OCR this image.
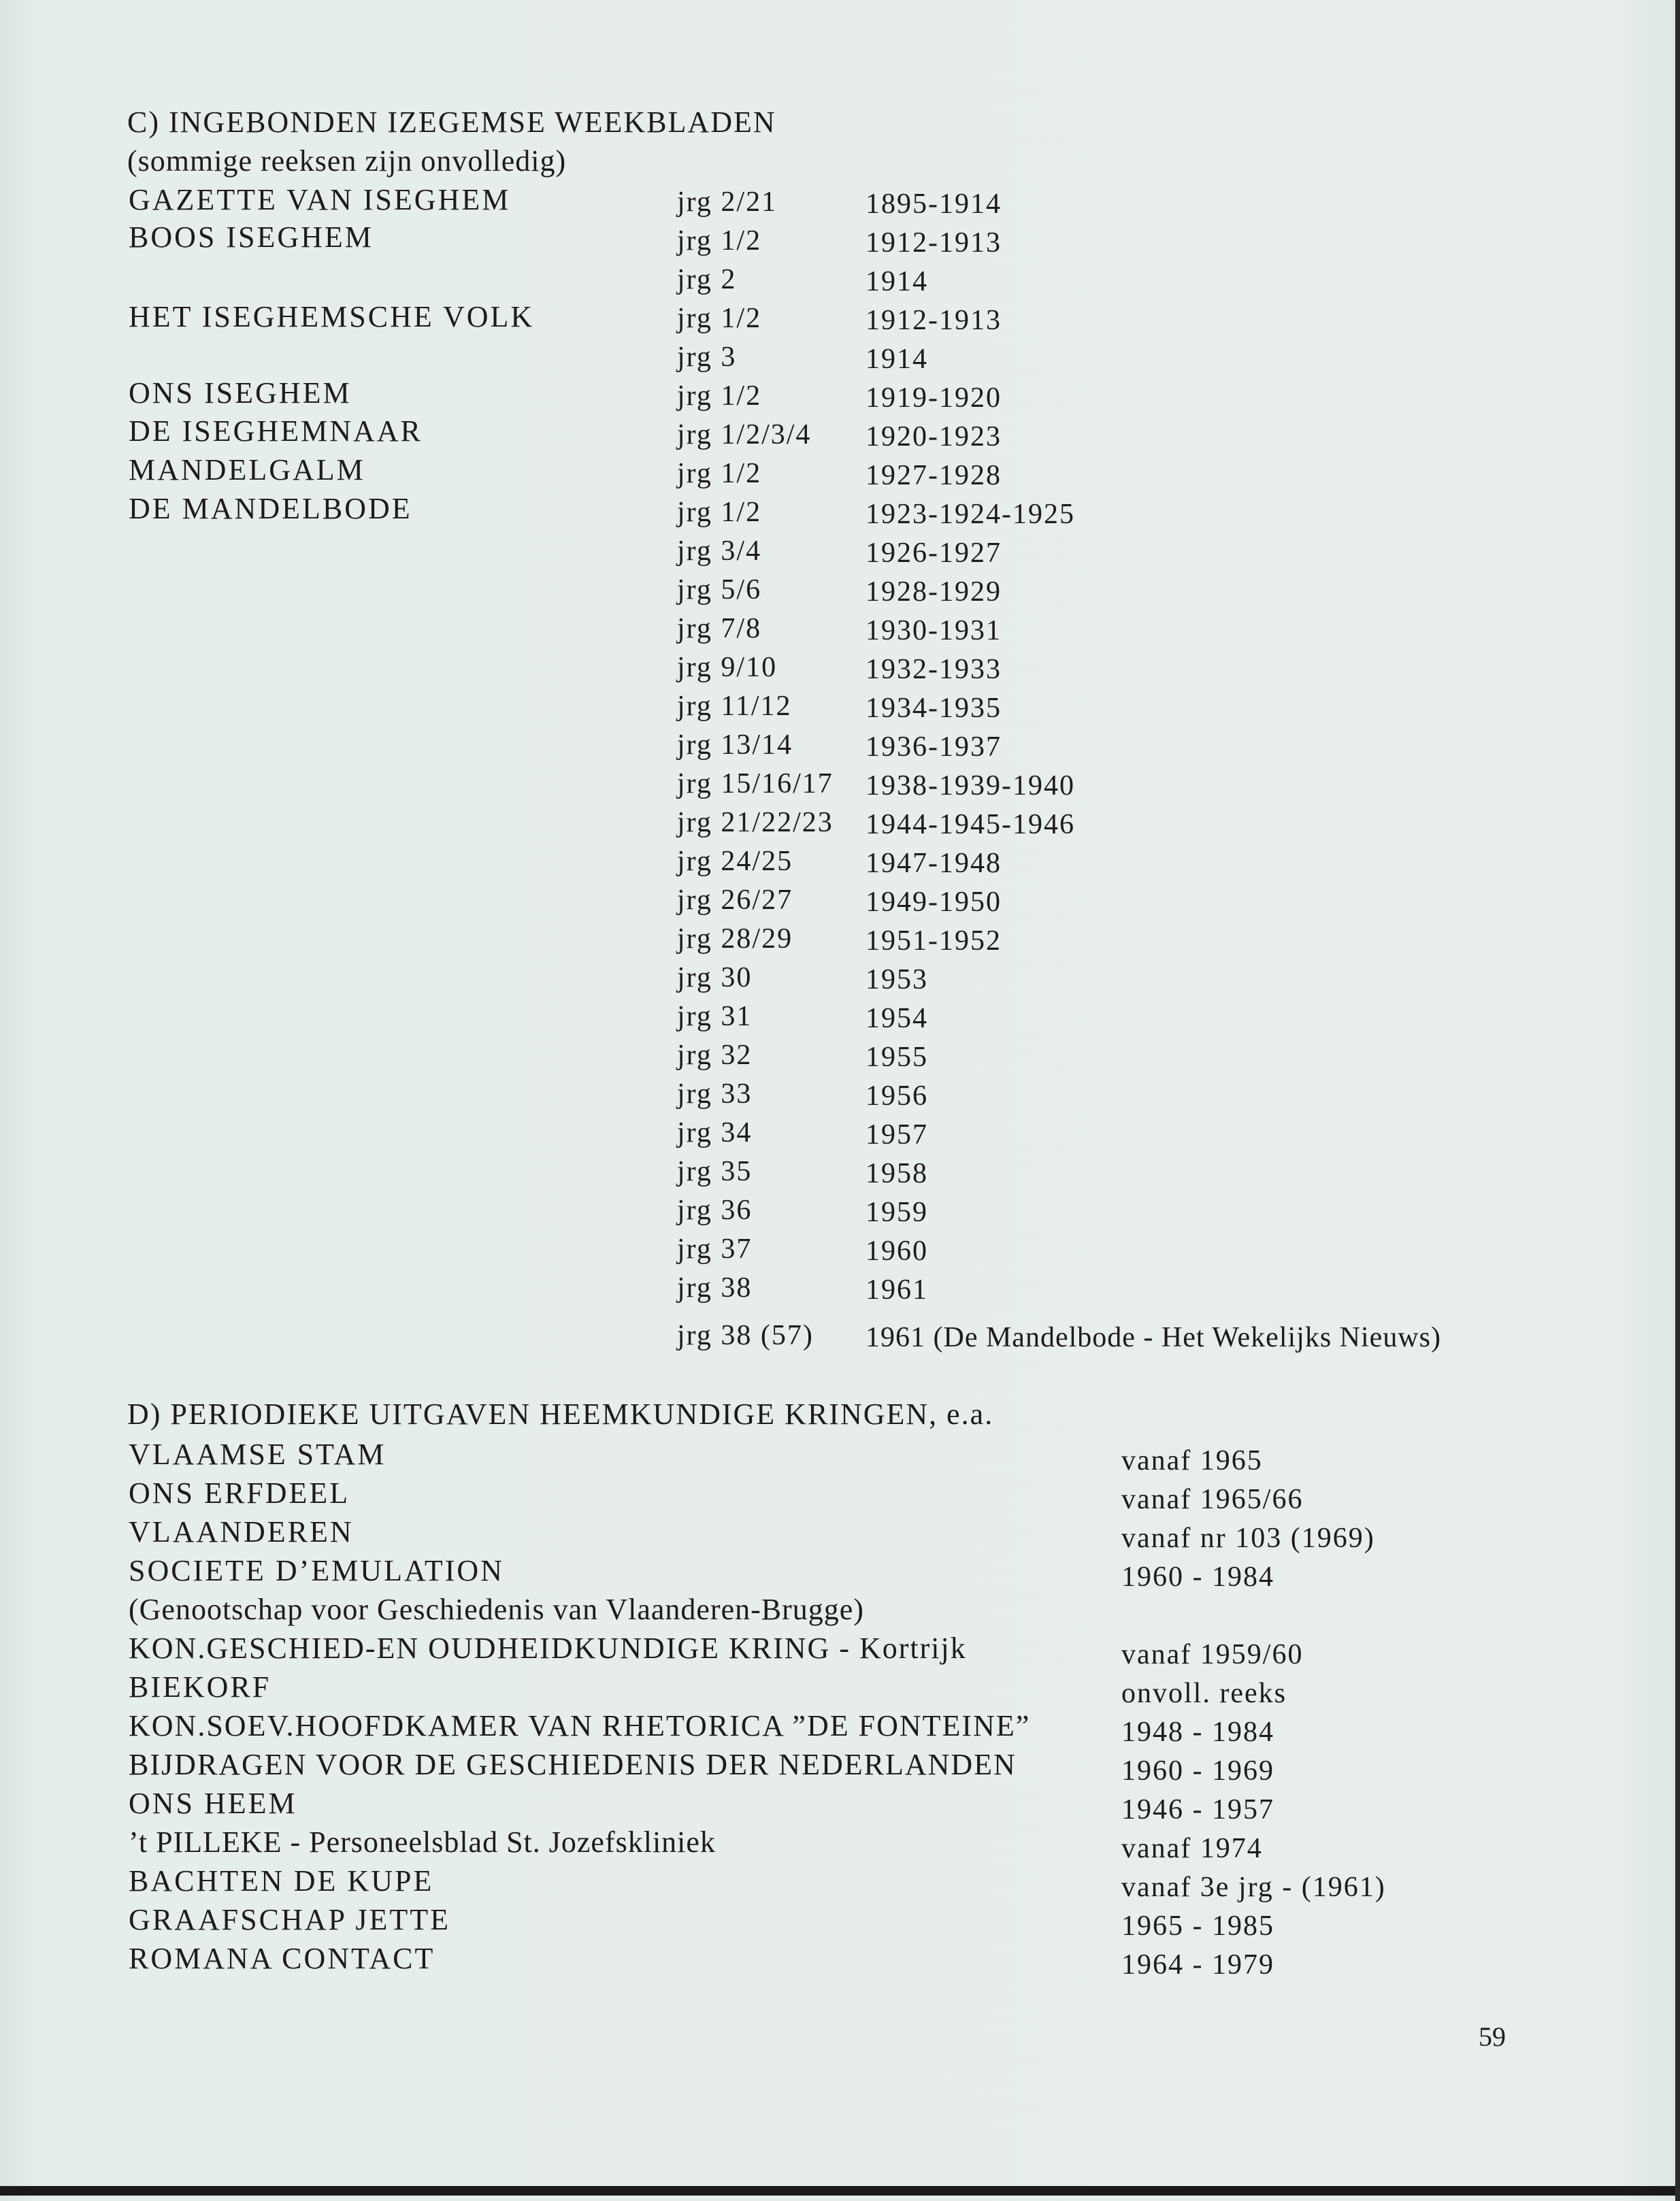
C) INGEBONDEN IZEGEMSE WEEKBLADEN
(sommige reeksen zijn onvolledig)
GAZETTE VAN ISEGHEM
BOOS ISEGHEM
HET ISEGHEMSCHE VOLK
ONS ISEGHEM
DE ISEGHEMNAAR
MANDELGALM
DE MANDELBODE
jrg 2/21
jrg 1/2
jrg 2
jrg 1/2
jrg 3
jrg 1/2
jrg 1/2/3/4
jrg 1/2
jrg 1/2
jrg 3/4
jrg 5/6
jrg 7/8
jrg 9/10
jrg 11/12
jrg 13/14
jrg 15/16/17
jrg 21/22/23
jrg 24/25
jrg 26/27
jrg 28/29
jrg 30
jrg 31
jrg 32
jrg 33
jrg 34
jrg 35
jrg 36
jrg 37
jrg 38
jrg 38 (57)
1895-1914
1912-1913
1914
1912-1913
1914
1919-1920
1920-1923
1927-1928
1923-1924-1925
1926-1927
1928-1929
1930-1931
1932-1933
1934-1935
1936-1937
1938-1939-1940
1944-1945-1946
1947-1948
1949-1950
1951-1952
1953
1954
1955
1956
1957
1958
1959
1960
1961
1961 (De Mandelbode - Het Wekelijks Nieuws)
D) PERIODIEKE UITGAVEN HEEMKUNDIGE KRINGEN, e.a.
VLAAMSE STAM
ONS ERFDEEL
VLAANDEREN
SOCIETE D’EMULATION
(Genootschap voor Geschiedenis van Vlaanderen-Brugge)
KON.GESCHIED-EN OUDHEIDKUNDIGE KRING - Kortrijk
BIEKORF
KON.SOEV.HOOFDKAMER VAN RHETORICA ”DE FONTEINE”
BIJDRAGEN VOOR DE GESCHIEDENIS DER NEDERLANDEN
ONS HEEM
’t PILLEKE - Personeelsblad St. Jozefskliniek
BACHTEN DE KUPE
GRAAFSCHAP JETTE
ROMANA CONTACT
vanaf 1965
vanaf 1965/66
vanaf nr 103 (1969)
1960 - 1984
vanaf 1959/60
onvoll. reeks
1948 - 1984
1960 - 1969
1946 - 1957
vanaf 1974
vanaf 3e jrg - (1961)
1965 - 1985
1964 - 1979
59
